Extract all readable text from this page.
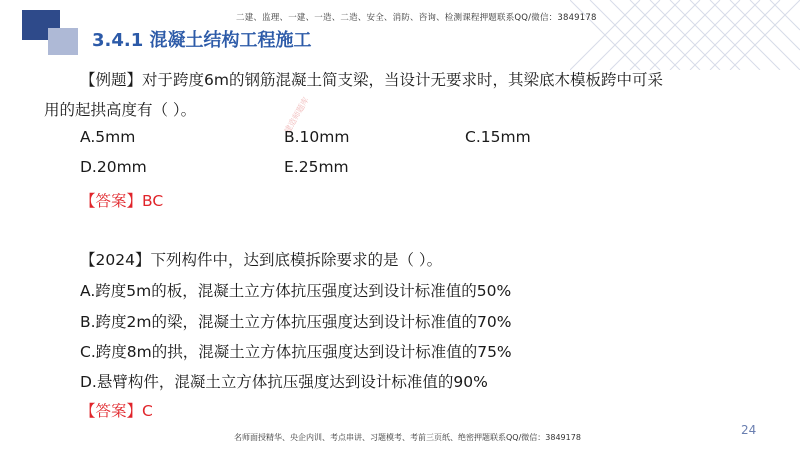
二建、监理、一建、一造、二造、安全、消防、咨询、检测课程押题联系QQ/微信：3849178
3.4.1 混凝土结构工程施工
建造师题库
【例题】对于跨度6m的钢筋混凝土简支梁，当设计无要求时，其梁底木模板跨中可采
用的起拱高度有（ ）。
A.5mm	B.10mm	C.15mm
D.20mm	E.25mm
【答案】BC
【2024】下列构件中，达到底模拆除要求的是（ ）。
A.跨度5m的板，混凝土立方体抗压强度达到设计标准值的50%
B.跨度2m的梁，混凝土立方体抗压强度达到设计标准值的70%
C.跨度8m的拱，混凝土立方体抗压强度达到设计标准值的75%
D.悬臂构件，混凝土立方体抗压强度达到设计标准值的90%
【答案】C
名师面授精华、央企内训、考点串讲、习题模考、考前三页纸、绝密押题联系QQ/微信：3849178
24
